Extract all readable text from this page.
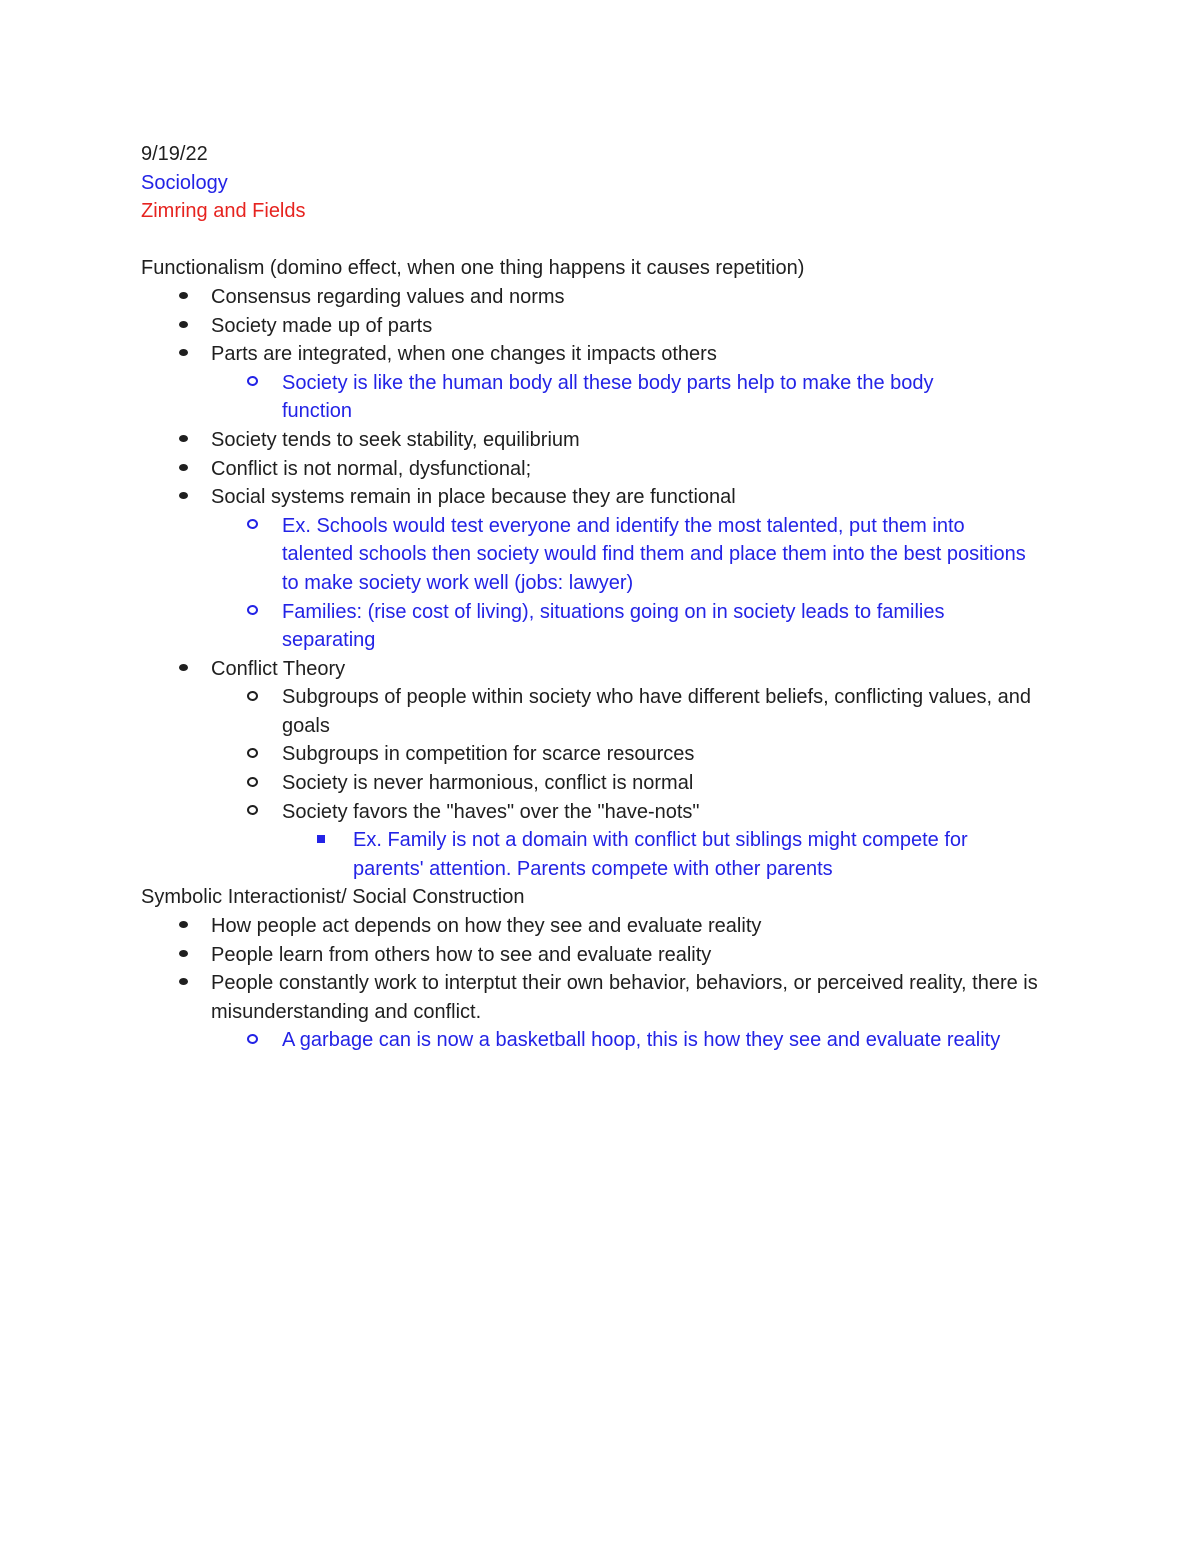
9/19/22
Sociology
Zimring and Fields
Functionalism (domino effect, when one thing happens it causes repetition)
Consensus regarding values and norms
Society made up of parts
Parts are integrated, when one changes it impacts others
Society is like the human body all these body parts help to make the body function
Society tends to seek stability, equilibrium
Conflict is not normal, dysfunctional;
Social systems remain in place because they are functional
Ex. Schools would test everyone and identify the most talented, put them into talented schools then society would find them and place them into the best positions to make society work well (jobs: lawyer)
Families: (rise cost of living), situations going on in society leads to families separating
Conflict Theory
Subgroups of people within society who have different beliefs, conflicting values, and goals
Subgroups in competition for scarce resources
Society is never harmonious, conflict is normal
Society favors the "haves" over the "have-nots"
Ex. Family is not a domain with conflict but siblings might compete for parents' attention. Parents compete with other parents
Symbolic Interactionist/ Social Construction
How people act depends on how they see and evaluate reality
People learn from others how to see and evaluate reality
People constantly work to interptut their own behavior, behaviors, or perceived reality, there is misunderstanding and conflict.
A garbage can is now a basketball hoop, this is how they see and evaluate reality
